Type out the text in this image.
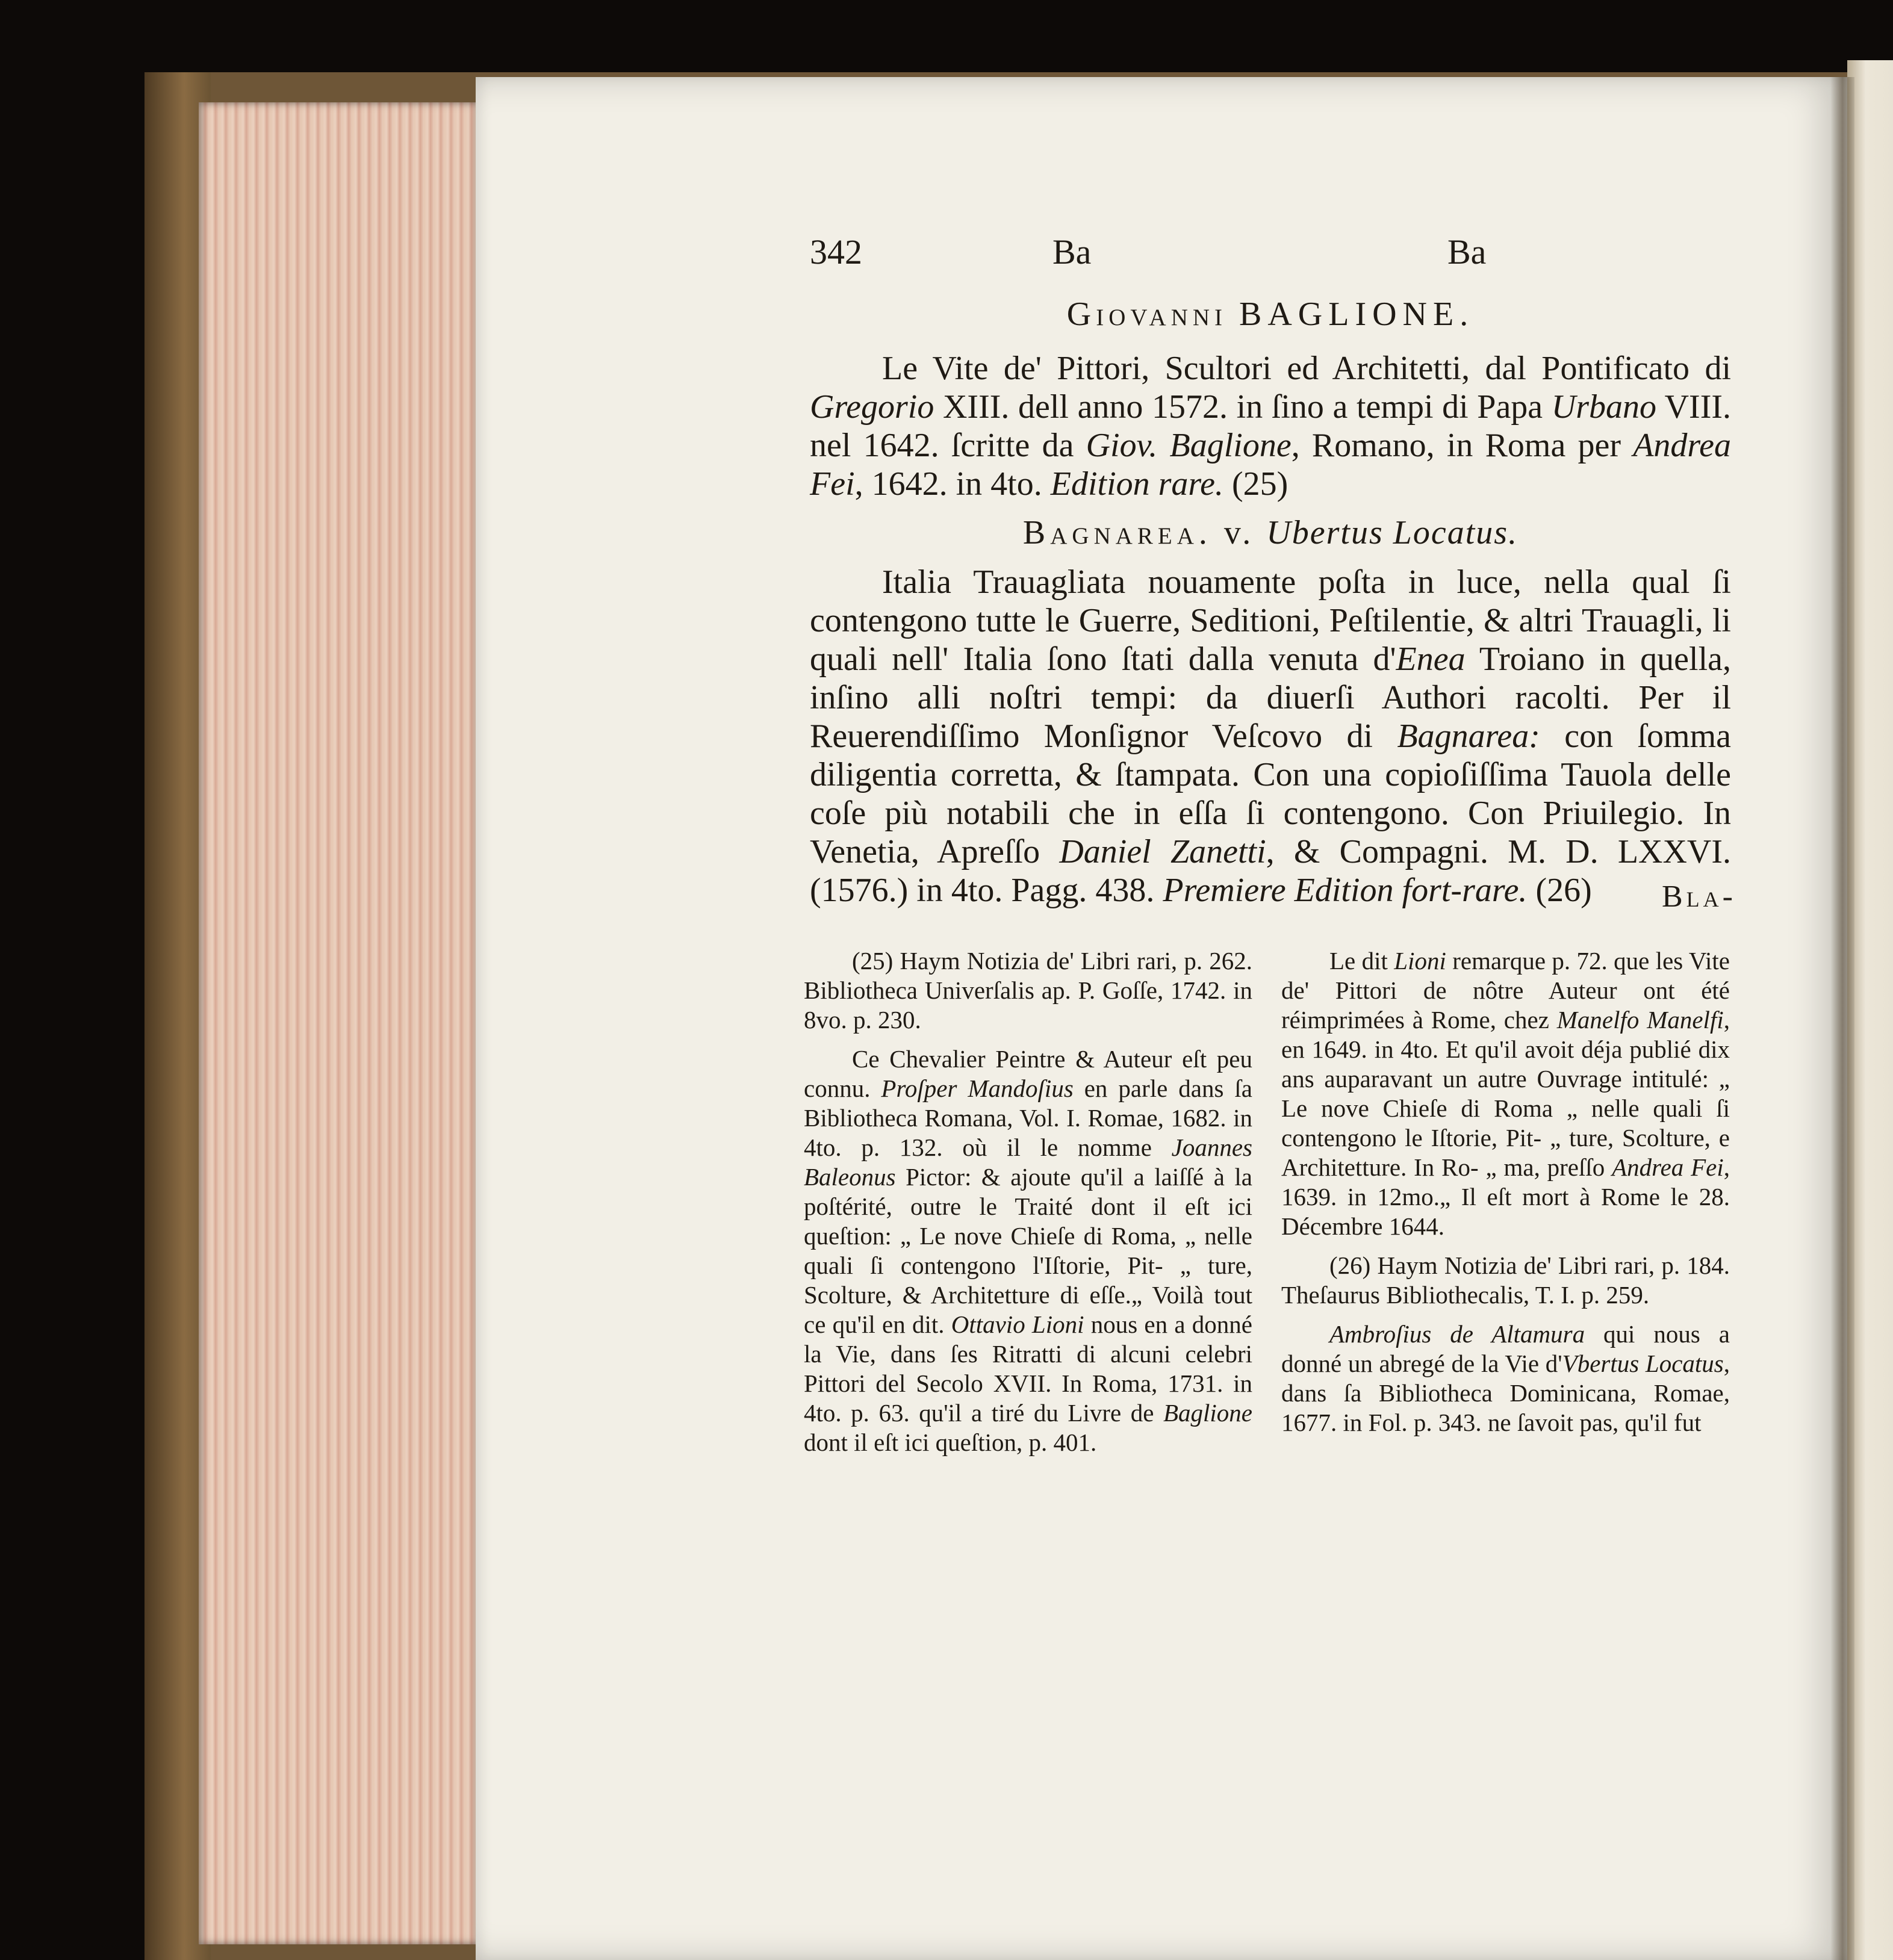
342	Ba	Ba
Giovanni BAGLIONE.

Le Vite de' Pittori, Scultori ed Architetti, dal Pontificato di Gregorio XIII. dell anno 1572. in ſino a tempi di Papa Urbano VIII. nel 1642. ſcritte da Giov. Baglione, Romano, in Roma per Andrea Fei, 1642. in 4to. Edition rare. (25)

Bagnarea. v. Ubertus Locatus.

Italia Trauagliata nouamente poſta in luce, nella qual ſi contengono tutte le Guerre, Seditioni, Peſtilentie, & altri Trauagli, li quali nell' Italia ſono ſtati dalla venuta d'Enea Troiano in quella, inſino alli noſtri tempi: da diuerſi Authori racolti. Per il Reuerendiſſimo Monſignor Veſcovo di Bagnarea: con ſomma diligentia corretta, & ſtampata. Con una copioſiſſima Tauola delle coſe più notabili che in eſſa ſi contengono. Con Priuilegio. In Venetia, Apreſſo Daniel Zanetti, & Compagni. M. D. LXXVI. (1576.) in 4to. Pagg. 438. Premiere Edition fort-rare. (26)	Bla-

(25) Haym Notizia de' Libri rari, p. 262. Bibliotheca Univerſalis ap. P. Goſſe, 1742. in 8vo. p. 230.

Ce Chevalier Peintre & Auteur eſt peu connu. Proſper Mandoſius en parle dans ſa Bibliotheca Romana, Vol. I. Romae, 1682. in 4to. p. 132. où il le nomme Joannes Baleonus Pictor: & ajoute qu'il a laiſſé à la poſtérité, outre le Traité dont il eſt ici queſtion: „ Le nove Chieſe di Roma, „ nelle quali ſi contengono l'Iſtorie, Pit- „ ture, Scolture, & Architetture di eſſe.„ Voilà tout ce qu'il en dit. Ottavio Lioni nous en a donné la Vie, dans ſes Ritratti di alcuni celebri Pittori del Secolo XVII. In Roma, 1731. in 4to. p. 63. qu'il a tiré du Livre de Baglione dont il eſt ici queſtion, p. 401.

Le dit Lioni remarque p. 72. que les Vite de' Pittori de nôtre Auteur ont été réimprimées à Rome, chez Manelfo Manelfi, en 1649. in 4to. Et qu'il avoit déja publié dix ans auparavant un autre Ouvrage intitulé: „ Le nove Chieſe di Roma „ nelle quali ſi contengono le Iſtorie, Pit- „ ture, Scolture, e Architetture. In Ro- „ ma, preſſo Andrea Fei, 1639. in 12mo.„ Il eſt mort à Rome le 28. Décembre 1644.

(26) Haym Notizia de' Libri rari, p. 184. Theſaurus Bibliothecalis, T. I. p. 259.

Ambroſius de Altamura qui nous a donné un abregé de la Vie d'Vbertus Locatus, dans ſa Bibliotheca Dominicana, Romae, 1677. in Fol. p. 343. ne ſavoit pas, qu'il fut
